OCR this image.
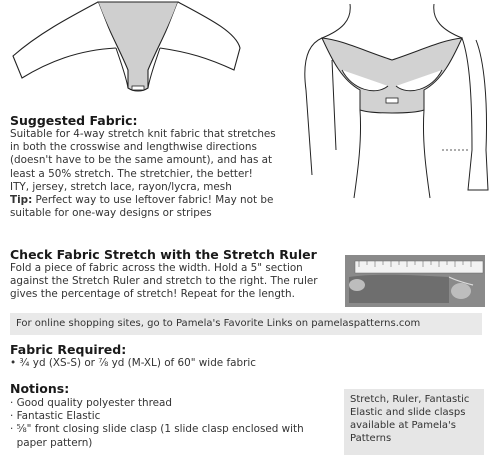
Suggested Fabric:
Suitable for 4-way stretch knit fabric that stretches
in both the crosswise and lengthwise directions
(doesn't have to be the same amount), and has at
least a 50% stretch. The stretchier, the better!
ITY, jersey, stretch lace, rayon/lycra, mesh
Tip: Perfect way to use leftover fabric! May not be
suitable for one-way designs or stripes
Check Fabric Stretch with the Stretch Ruler
Fold a piece of fabric across the width. Hold a 5" section
against the Stretch Ruler and stretch to the right. The ruler
gives the percentage of stretch! Repeat for the length.
For online shopping sites, go to Pamela's Favorite Links on pamelaspatterns.com
Fabric Required:
• ¾ yd (XS-S) or ⅞ yd (M-XL) of 60" wide fabric
Notions:
· Good quality polyester thread
· Fantastic Elastic
· ⅝" front closing slide clasp (1 slide clasp enclosed with
paper pattern)
Stretch, Ruler, Fantastic
Elastic and slide clasps
available at Pamela's
Patterns
